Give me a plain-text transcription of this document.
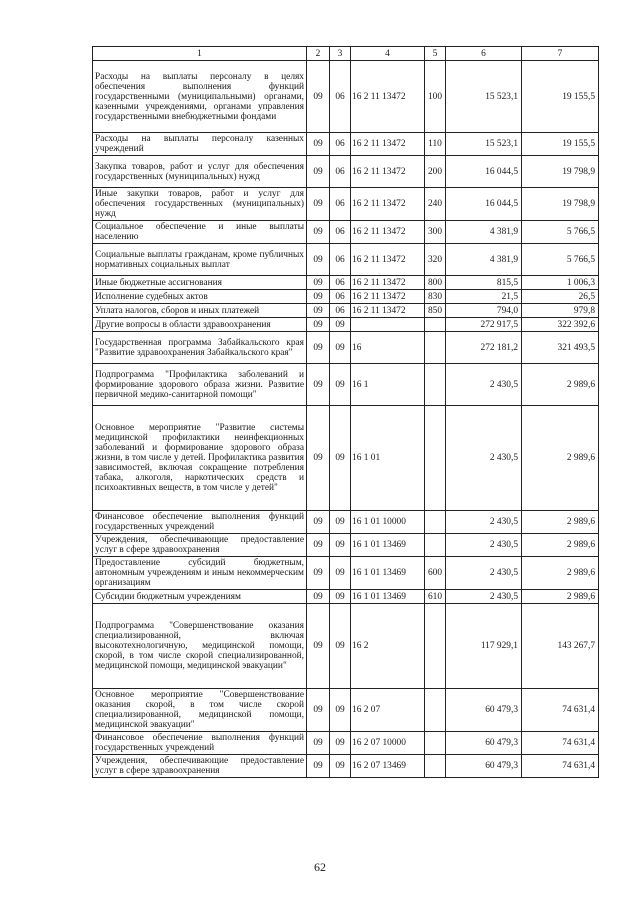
1	2	3	4	5	6	7
Расходы на выплаты персоналу в целях обеспечения выполнения функций государственными (муниципальными) органами, казенными учреждениями, органами управления государственными внебюджетными фондами	09	06	16 2 11 13472	100	15 523,1	19 155,5
Расходы на выплаты персоналу казенных учреждений	09	06	16 2 11 13472	110	15 523,1	19 155,5
Закупка товаров, работ и услуг для обеспечения государственных (муниципальных) нужд	09	06	16 2 11 13472	200	16 044,5	19 798,9
Иные закупки товаров, работ и услуг для обеспечения государственных (муниципальных) нужд	09	06	16 2 11 13472	240	16 044,5	19 798,9
Социальное обеспечение и иные выплаты населению	09	06	16 2 11 13472	300	4 381,9	5 766,5
Социальные выплаты гражданам, кроме публичных нормативных социальных выплат	09	06	16 2 11 13472	320	4 381,9	5 766,5
Иные бюджетные ассигнования	09	06	16 2 11 13472	800	815,5	1 006,3
Исполнение судебных актов	09	06	16 2 11 13472	830	21,5	26,5
Уплата налогов, сборов и иных платежей	09	06	16 2 11 13472	850	794,0	979,8
Другие вопросы в области здравоохранения	09	09			272 917,5	322 392,6
Государственная программа Забайкальского края "Развитие здравоохранения Забайкальского края"	09	09	16		272 181,2	321 493,5
Подпрограмма "Профилактика заболеваний и формирование здорового образа жизни. Развитие первичной медико-санитарной помощи"	09	09	16 1		2 430,5	2 989,6
Основное мероприятие "Развитие системы медицинской профилактики неинфекционных заболеваний и формирование здорового образа жизни, в том числе у детей. Профилактика развития зависимостей, включая сокращение потребления табака, алкоголя, наркотических средств и психоактивных веществ, в том числе у детей"	09	09	16 1 01		2 430,5	2 989,6
Финансовое обеспечение выполнения функций государственных учреждений	09	09	16 1 01 10000		2 430,5	2 989,6
Учреждения, обеспечивающие предоставление услуг в сфере здравоохранения	09	09	16 1 01 13469		2 430,5	2 989,6
Предоставление субсидий бюджетным, автономным учреждениям и иным некоммерческим организациям	09	09	16 1 01 13469	600	2 430,5	2 989,6
Субсидии бюджетным учреждениям	09	09	16 1 01 13469	610	2 430,5	2 989,6
Подпрограмма "Совершенствование оказания специализированной, включая высокотехнологичную, медицинской помощи, скорой, в том числе скорой специализированной, медицинской помощи, медицинской эвакуации"	09	09	16 2		117 929,1	143 267,7
Основное мероприятие "Совершенствование оказания скорой, в том числе скорой специализированной, медицинской помощи, медицинской эвакуации"	09	09	16 2 07		60 479,3	74 631,4
Финансовое обеспечение выполнения функций государственных учреждений	09	09	16 2 07 10000		60 479,3	74 631,4
Учреждения, обеспечивающие предоставление услуг в сфере здравоохранения	09	09	16 2 07 13469		60 479,3	74 631,4
62
